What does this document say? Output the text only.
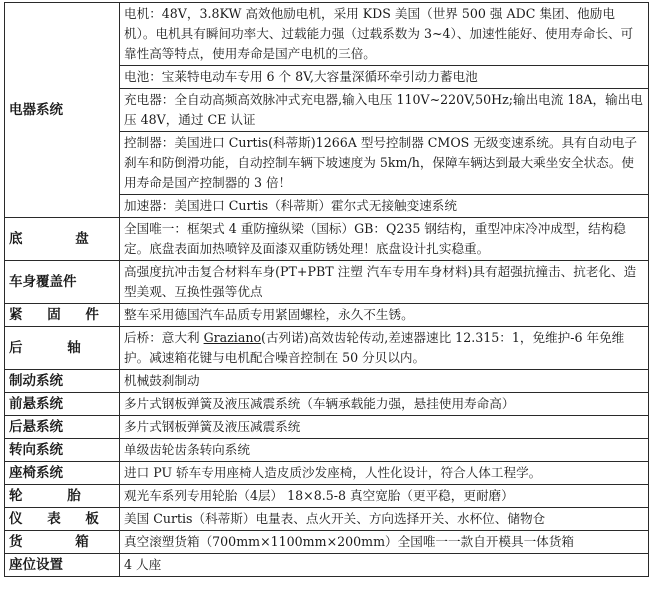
电器系统	电机：48V，3.8KW 高效他励电机，采用 KDS 美国（世界 500 强 ADC 集团、他励电机）。电机具有瞬间功率大、过载能力强（过载系数为 3~4）、加速性能好、使用寿命长、可靠性高等特点，使用寿命是国产电机的三倍。
	电池：宝莱特电动车专用 6 个 8V,大容量深循环牵引动力蓄电池
	充电器：全自动高频高效脉冲式充电器,输入电压 110V~220V,50Hz;输出电流 18A，输出电压 48V，通过 CE 认证
	控制器：美国进口 Curtis(科蒂斯)1266A 型号控制器 CMOS 无级变速系统。具有自动电子刹车和防倒滑功能，自动控制车辆下坡速度为 5km/h，保障车辆达到最大乘坐安全状态。使用寿命是国产控制器的 3 倍！
	加速器：美国进口 Curtis（科蒂斯）霍尔式无接触变速系统
底 盘	全国唯一：框架式 4 重防撞纵梁（国标）GB：Q235 钢结构，重型冲床冷冲成型，结构稳定。底盘表面加热喷锌及面漆双重防锈处理！底盘设计扎实稳重。
车身覆盖件	高强度抗冲击复合材料车身(PT+PBT 注塑 汽车专用车身材料)具有超强抗撞击、抗老化、造型美观、互换性强等优点
紧 固 件	整车采用德国汽车品质专用紧固螺栓，永久不生锈。
后 轴	后桥：意大利 Graziano(古列诺)高效齿轮传动,差速器速比 12.315：1，免维护-6 年免维护。减速箱花键与电机配合噪音控制在 50 分贝以内。
制动系统	机械鼓刹制动
前悬系统	多片式钢板弹簧及液压减震系统（车辆承载能力强，悬挂使用寿命高）
后悬系统	多片式钢板弹簧及液压减震系统
转向系统	单级齿轮齿条转向系统
座椅系统	进口 PU 轿车专用座椅人造皮质沙发座椅，人性化设计，符合人体工程学。
轮 胎	观光车系列专用轮胎（4层） 18×8.5-8 真空宽胎（更平稳，更耐磨）
仪 表 板	美国 Curtis（科蒂斯）电量表、点火开关、方向选择开关、水杯位、储物仓
货 箱	真空滚塑货箱（700mm×1100mm×200mm）全国唯一一款自开模具一体货箱
座位设置	4 人座
